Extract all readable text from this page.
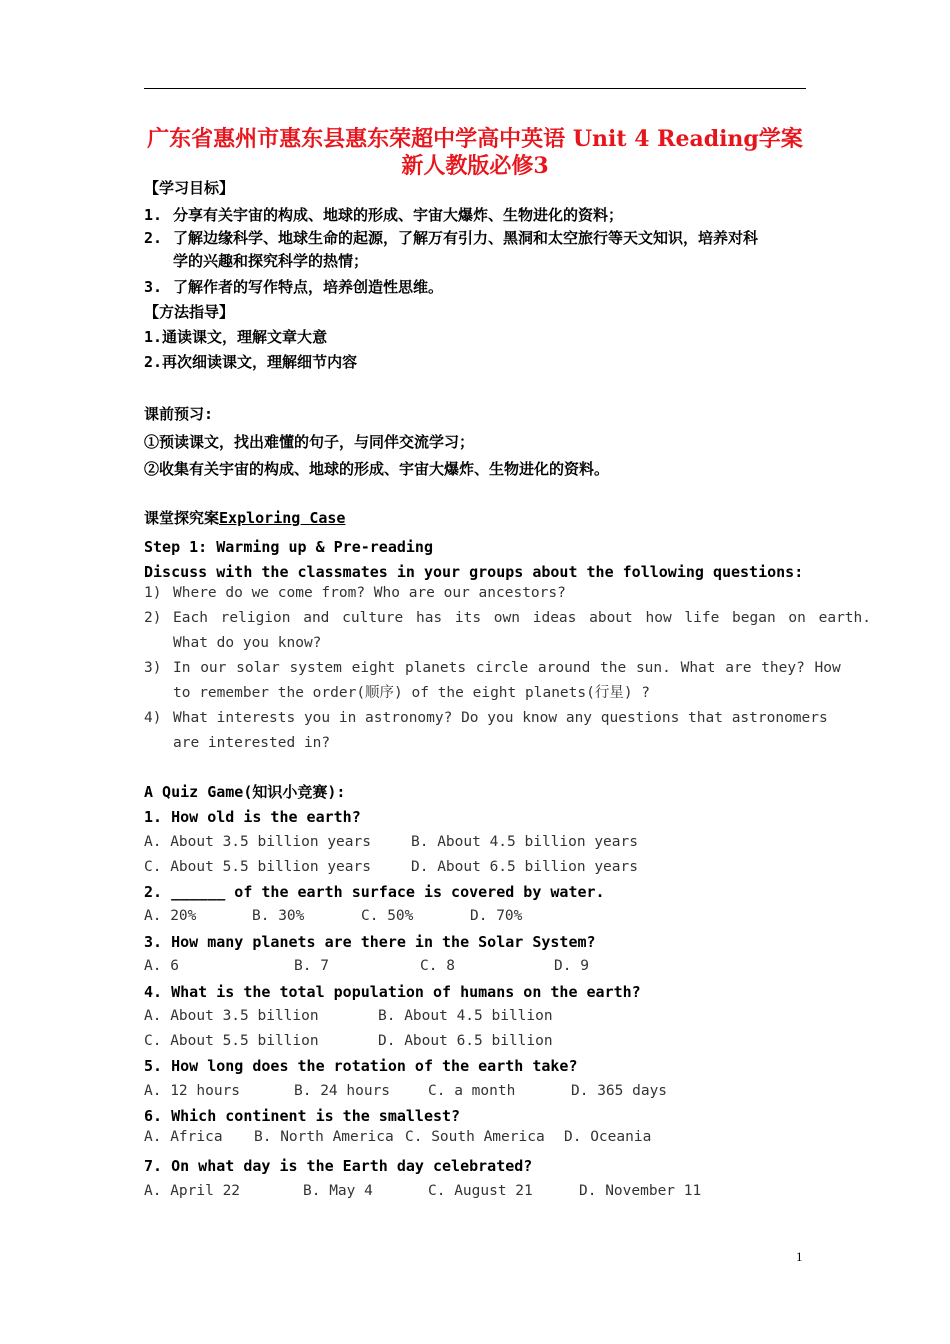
广东省惠州市惠东县惠东荣超中学高中英语 Unit 4 Reading学案
新人教版必修3
【学习目标】
1. 分享有关宇宙的构成、地球的形成、宇宙大爆炸、生物进化的资料；
2. 了解边缘科学、地球生命的起源，了解万有引力、黑洞和太空旅行等天文知识，培养对科
学的兴趣和探究科学的热情；
3. 了解作者的写作特点，培养创造性思维。
【方法指导】
1.通读课文，理解文章大意
2.再次细读课文，理解细节内容
课前预习:
①预读课文，找出难懂的句子，与同伴交流学习；
②收集有关宇宙的构成、地球的形成、宇宙大爆炸、生物进化的资料。
课堂探究案Exploring Case
Step 1: Warming up & Pre-reading
Discuss with the classmates in your groups about the following questions:
1) Where do we come from? Who are our ancestors?
2) Each religion and culture has its own ideas about how life began on earth.
What do you know?
3) In our solar system eight planets circle around the sun. What are they? How
to remember the order(顺序) of the eight planets(行星) ?
4) What interests you in astronomy? Do you know any questions that astronomers
are interested in?
A Quiz Game(知识小竞赛):
1. How old is the earth?
A. About 3.5 billion years	B. About 4.5 billion years
C. About 5.5 billion years	D. About 6.5 billion years
2. ______ of the earth surface is covered by water.
A. 20%	B. 30%	C. 50%	D. 70%
3. How many planets are there in the Solar System?
A. 6	B. 7	C. 8	D. 9
4. What is the total population of humans on the earth?
A. About 3.5 billion	B. About 4.5 billion
C. About 5.5 billion	D. About 6.5 billion
5. How long does the rotation of the earth take?
A. 12 hours	B. 24 hours	C. a month	D. 365 days
6. Which continent is the smallest?
A. Africa B. North America C. South America D. Oceania
7. On what day is the Earth day celebrated?
A. April 22	B. May 4	C. August 21	D. November 11
1
